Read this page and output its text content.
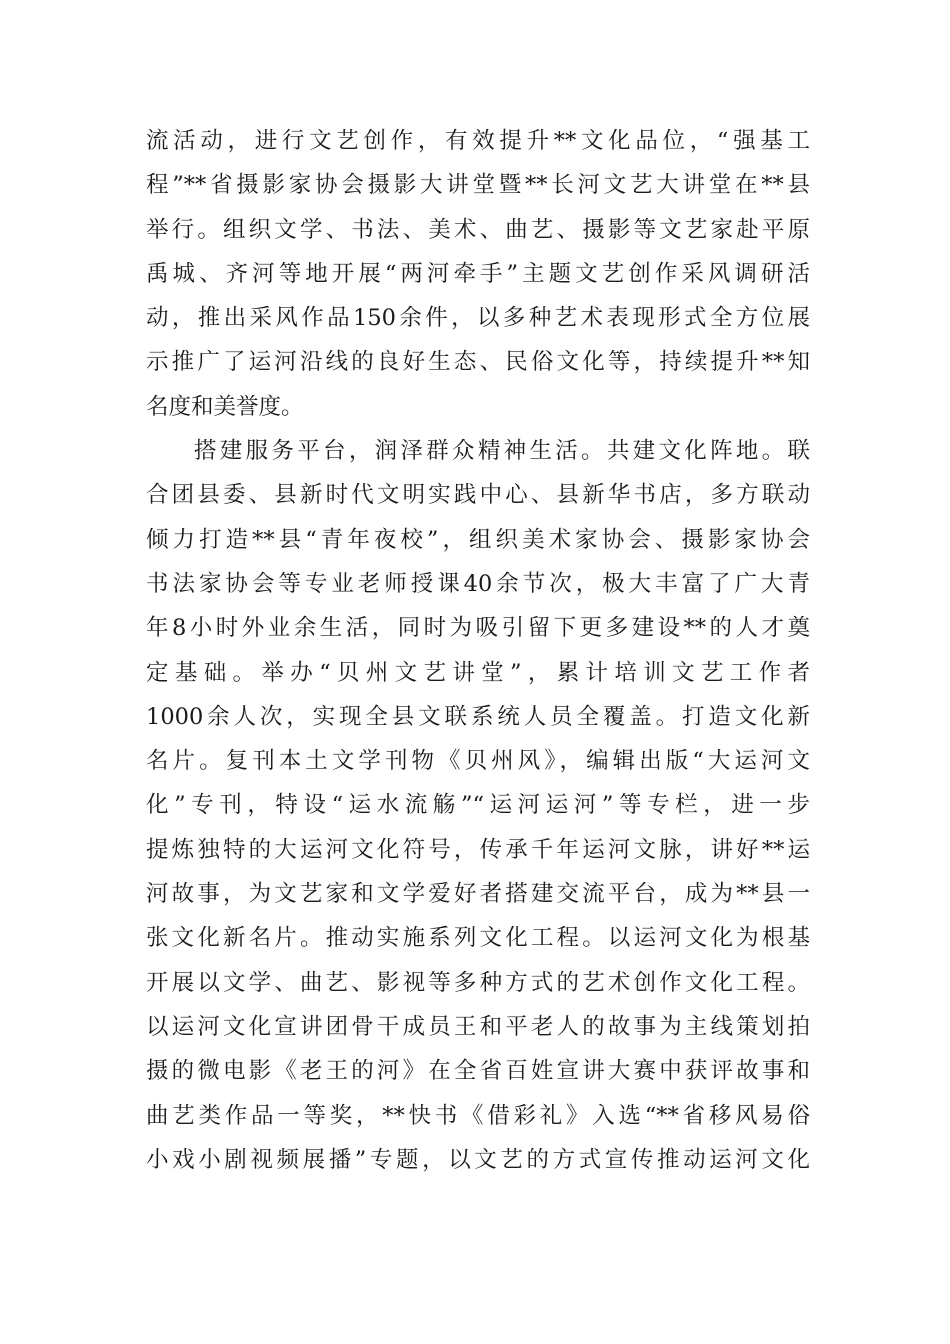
流活动，进行文艺创作，有效提升**文化品位，“强基工
程”**省摄影家协会摄影大讲堂暨**长河文艺大讲堂在**县
举行。组织文学、书法、美术、曲艺、摄影等文艺家赴平原
禹城、齐河等地开展“两河牵手”主题文艺创作采风调研活
动，推出采风作品150余件，以多种艺术表现形式全方位展
示推广了运河沿线的良好生态、民俗文化等，持续提升**知
名度和美誉度。
搭建服务平台，润泽群众精神生活。共建文化阵地。联
合团县委、县新时代文明实践中心、县新华书店，多方联动
倾力打造**县“青年夜校”，组织美术家协会、摄影家协会
书法家协会等专业老师授课40余节次，极大丰富了广大青
年8小时外业余生活，同时为吸引留下更多建设**的人才奠
定基础。举办“贝州文艺讲堂”，累计培训文艺工作者
1000余人次，实现全县文联系统人员全覆盖。打造文化新
名片。复刊本土文学刊物《贝州风》，编辑出版“大运河文
化”专刊，特设“运水流觞”“运河运河”等专栏，进一步
提炼独特的大运河文化符号，传承千年运河文脉，讲好**运
河故事，为文艺家和文学爱好者搭建交流平台，成为**县一
张文化新名片。推动实施系列文化工程。以运河文化为根基
开展以文学、曲艺、影视等多种方式的艺术创作文化工程。
以运河文化宣讲团骨干成员王和平老人的故事为主线策划拍
摄的微电影《老王的河》在全省百姓宣讲大赛中获评故事和
曲艺类作品一等奖，**快书《借彩礼》入选“**省移风易俗
小戏小剧视频展播”专题，以文艺的方式宣传推动运河文化
